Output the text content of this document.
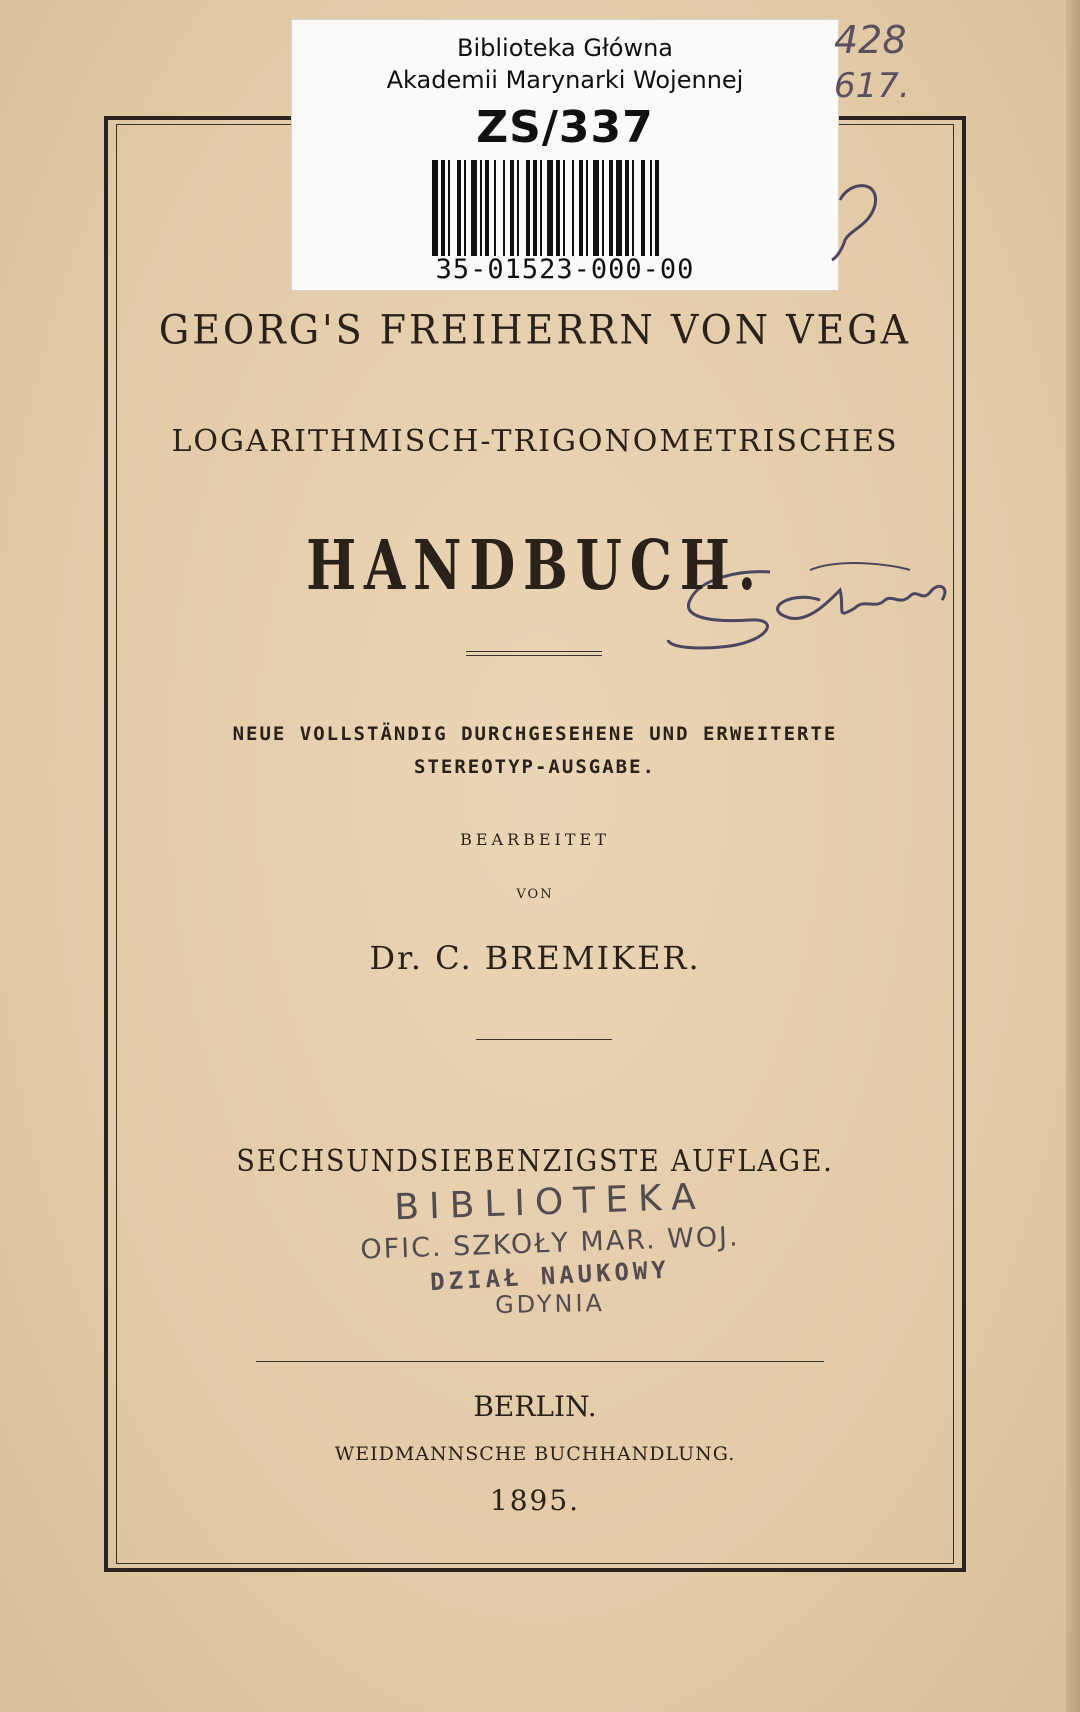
Biblioteka Główna
Akademii Marynarki Wojennej
ZS/337
35-01523-000-00
428
617.
GEORG'S FREIHERRN VON VEGA
LOGARITHMISCH-TRIGONOMETRISCHES
HANDBUCH.
NEUE VOLLSTÄNDIG DURCHGESEHENE UND ERWEITERTE
STEREOTYP-AUSGABE.
BEARBEITET
VON
Dr. C. BREMIKER.
SECHSUNDSIEBENZIGSTE AUFLAGE.
BIBLIOTEKA
OFIC. SZKOŁY MAR. WOJ.
DZIAŁ NAUKOWY
GDYNIA
BERLIN.
WEIDMANNSCHE BUCHHANDLUNG.
1895.
